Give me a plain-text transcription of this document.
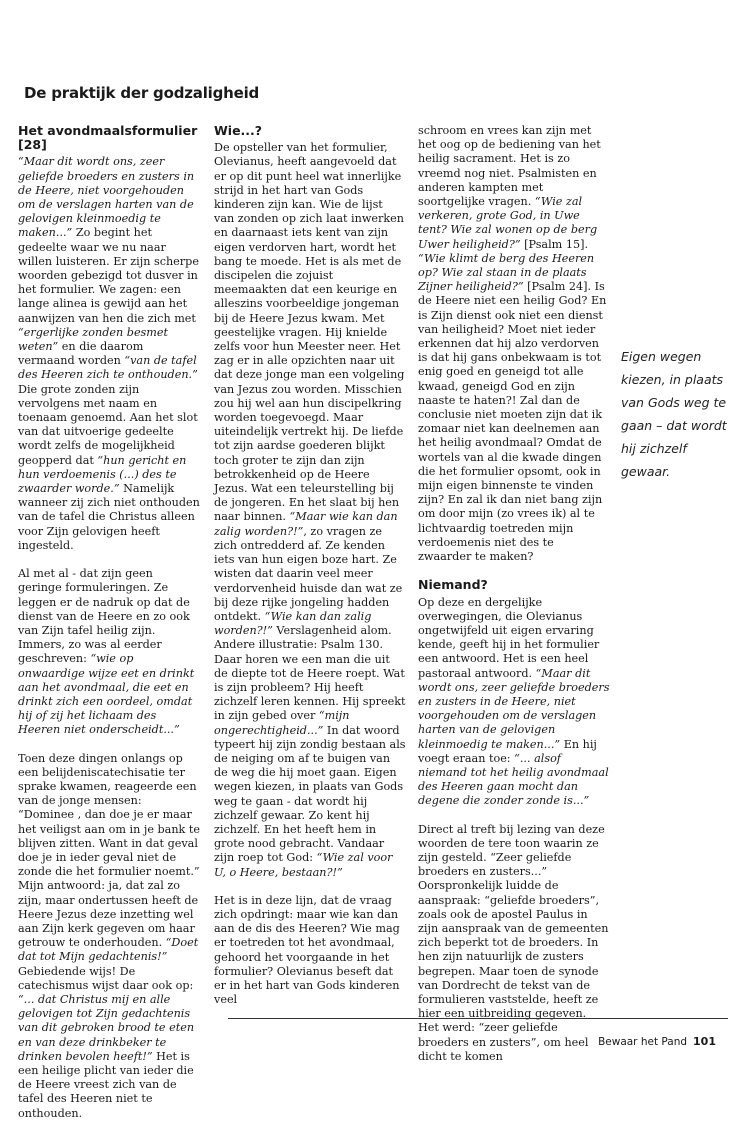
De praktijk der godzaligheid
Het avondmaalsformulier [28]

“Maar dit wordt ons, zeer geliefde broeders en zusters in de Heere, niet voorgehouden om de verslagen harten van de gelovigen kleinmoedig te maken...” Zo begint het gedeelte waar we nu naar willen luisteren. Er zijn scherpe woorden gebezigd tot dusver in het formulier. We zagen: een lange alinea is gewijd aan het aanwijzen van hen die zich met “ergerlijke zonden besmet weten” en die daarom vermaand worden “van de tafel des Heeren zich te onthouden.” Die grote zonden zijn vervolgens met naam en toenaam genoemd. Aan het slot van dat uitvoerige gedeelte wordt zelfs de mogelijkheid geopperd dat “hun gericht en hun verdoemenis (...) des te zwaarder worde.” Namelijk wanneer zij zich niet onthouden van de tafel die Christus alleen voor Zijn gelovigen heeft ingesteld.

Al met al - dat zijn geen geringe formuleringen. Ze leggen er de nadruk op dat de dienst van de Heere en zo ook van Zijn tafel heilig zijn. Immers, zo was al eerder geschreven: “wie op onwaardige wijze eet en drinkt aan het avondmaal, die eet en drinkt zich een oordeel, omdat hij of zij het lichaam des Heeren niet onderscheidt...”

Toen deze dingen onlangs op een belijdeniscatechisatie ter sprake kwamen, reageerde een van de jonge mensen: “Dominee , dan doe je er maar het veiligst aan om in je bank te blijven zitten. Want in dat geval doe je in ieder geval niet de zonde die het formulier noemt.” Mijn antwoord: ja, dat zal zo zijn, maar ondertussen heeft de Heere Jezus deze inzetting wel aan Zijn kerk gegeven om haar getrouw te onderhouden. “Doet dat tot Mijn gedachtenis!” Gebiedende wijs! De catechismus wijst daar ook op: “... dat Christus mij en alle gelovigen tot Zijn gedachtenis van dit gebroken brood te eten en van deze drinkbeker te drinken bevolen heeft!” Het is een heilige plicht van ieder die de Heere vreest zich van de tafel des Heeren niet te onthouden.

Wie...?

De opsteller van het formulier, Olevianus, heeft aangevoeld dat er op dit punt heel wat innerlijke strijd in het hart van Gods kinderen zijn kan. Wie de lijst van zonden op zich laat inwerken en daarnaast iets kent van zijn eigen verdorven hart, wordt het bang te moede. Het is als met de discipelen die zojuist meemaakten dat een keurige en alleszins voorbeeldige jongeman bij de Heere Jezus kwam. Met geestelijke vragen. Hij knielde zelfs voor hun Meester neer. Het zag er in alle opzichten naar uit dat deze jonge man een volgeling van Jezus zou worden. Misschien zou hij wel aan hun discipelkring worden toegevoegd. Maar uiteindelijk vertrekt hij. De liefde tot zijn aardse goederen blijkt toch groter te zijn dan zijn betrokkenheid op de Heere Jezus. Wat een teleurstelling bij de jongeren. En het slaat bij hen naar binnen. “Maar wie kan dan zalig worden?!”, zo vragen ze zich ontredderd af. Ze kenden iets van hun eigen boze hart. Ze wisten dat daarin veel meer verdorvenheid huisde dan wat ze bij deze rijke jongeling hadden ontdekt. “Wie kan dan zalig worden?!” Verslagenheid alom. Andere illustratie: Psalm 130. Daar horen we een man die uit de diepte tot de Heere roept. Wat is zijn probleem? Hij heeft zichzelf leren kennen. Hij spreekt in zijn gebed over “mijn ongerechtigheid...” In dat woord typeert hij zijn zondig bestaan als de neiging om af te buigen van de weg die hij moet gaan. Eigen wegen kiezen, in plaats van Gods weg te gaan - dat wordt hij zichzelf gewaar. Zo kent hij zichzelf. En het heeft hem in grote nood gebracht. Vandaar zijn roep tot God: “Wie zal voor U, o Heere, bestaan?!”

Het is in deze lijn, dat de vraag zich opdringt: maar wie kan dan aan de dis des Heeren? Wie mag er toetreden tot het avondmaal, gehoord het voorgaande in het formulier? Olevianus beseft dat er in het hart van Gods kinderen veel

schroom en vrees kan zijn met het oog op de bediening van het heilig sacrament. Het is zo vreemd nog niet. Psalmisten en anderen kampten met soortgelijke vragen. “Wie zal verkeren, grote God, in Uwe tent? Wie zal wonen op de berg Uwer heiligheid?” [Psalm 15]. “Wie klimt de berg des Heeren op? Wie zal staan in de plaats Zijner heiligheid?” [Psalm 24]. Is de Heere niet een heilig God? En is Zijn dienst ook niet een dienst van heiligheid? Moet niet ieder erkennen dat hij alzo verdorven is dat hij gans onbekwaam is tot enig goed en geneigd tot alle kwaad, geneigd God en zijn naaste te haten?! Zal dan de conclusie niet moeten zijn dat ik zomaar niet kan deelnemen aan het heilig avondmaal? Omdat de wortels van al die kwade dingen die het formulier opsomt, ook in mijn eigen binnenste te vinden zijn? En zal ik dan niet bang zijn om door mijn (zo vrees ik) al te lichtvaardig toetreden mijn verdoemenis niet des te zwaarder te maken?

Niemand?

Op deze en dergelijke overwegingen, die Olevianus ongetwijfeld uit eigen ervaring kende, geeft hij in het formulier een antwoord. Het is een heel pastoraal antwoord. “Maar dit wordt ons, zeer geliefde broeders en zusters in de Heere, niet voorgehouden om de verslagen harten van de gelovigen kleinmoedig te maken...” En hij voegt eraan toe: “... alsof niemand tot het heilig avondmaal des Heeren gaan mocht dan degene die zonder zonde is...”

Direct al treft bij lezing van deze woorden de tere toon waarin ze zijn gesteld. “Zeer geliefde broeders en zusters...” Oorspronkelijk luidde de aanspraak: “geliefde broeders”, zoals ook de apostel Paulus in zijn aanspraak van de gemeenten zich beperkt tot de broeders. In hen zijn natuurlijk de zusters begrepen. Maar toen de synode van Dordrecht de tekst van de formulieren vaststelde, heeft ze hier een uitbreiding gegeven. Het werd: “zeer geliefde broeders en zusters”, om heel dicht te komen

Eigen wegen kiezen, in plaats van Gods weg te gaan – dat wordt hij zichzelf gewaar.
Bewaar het Pand 101
